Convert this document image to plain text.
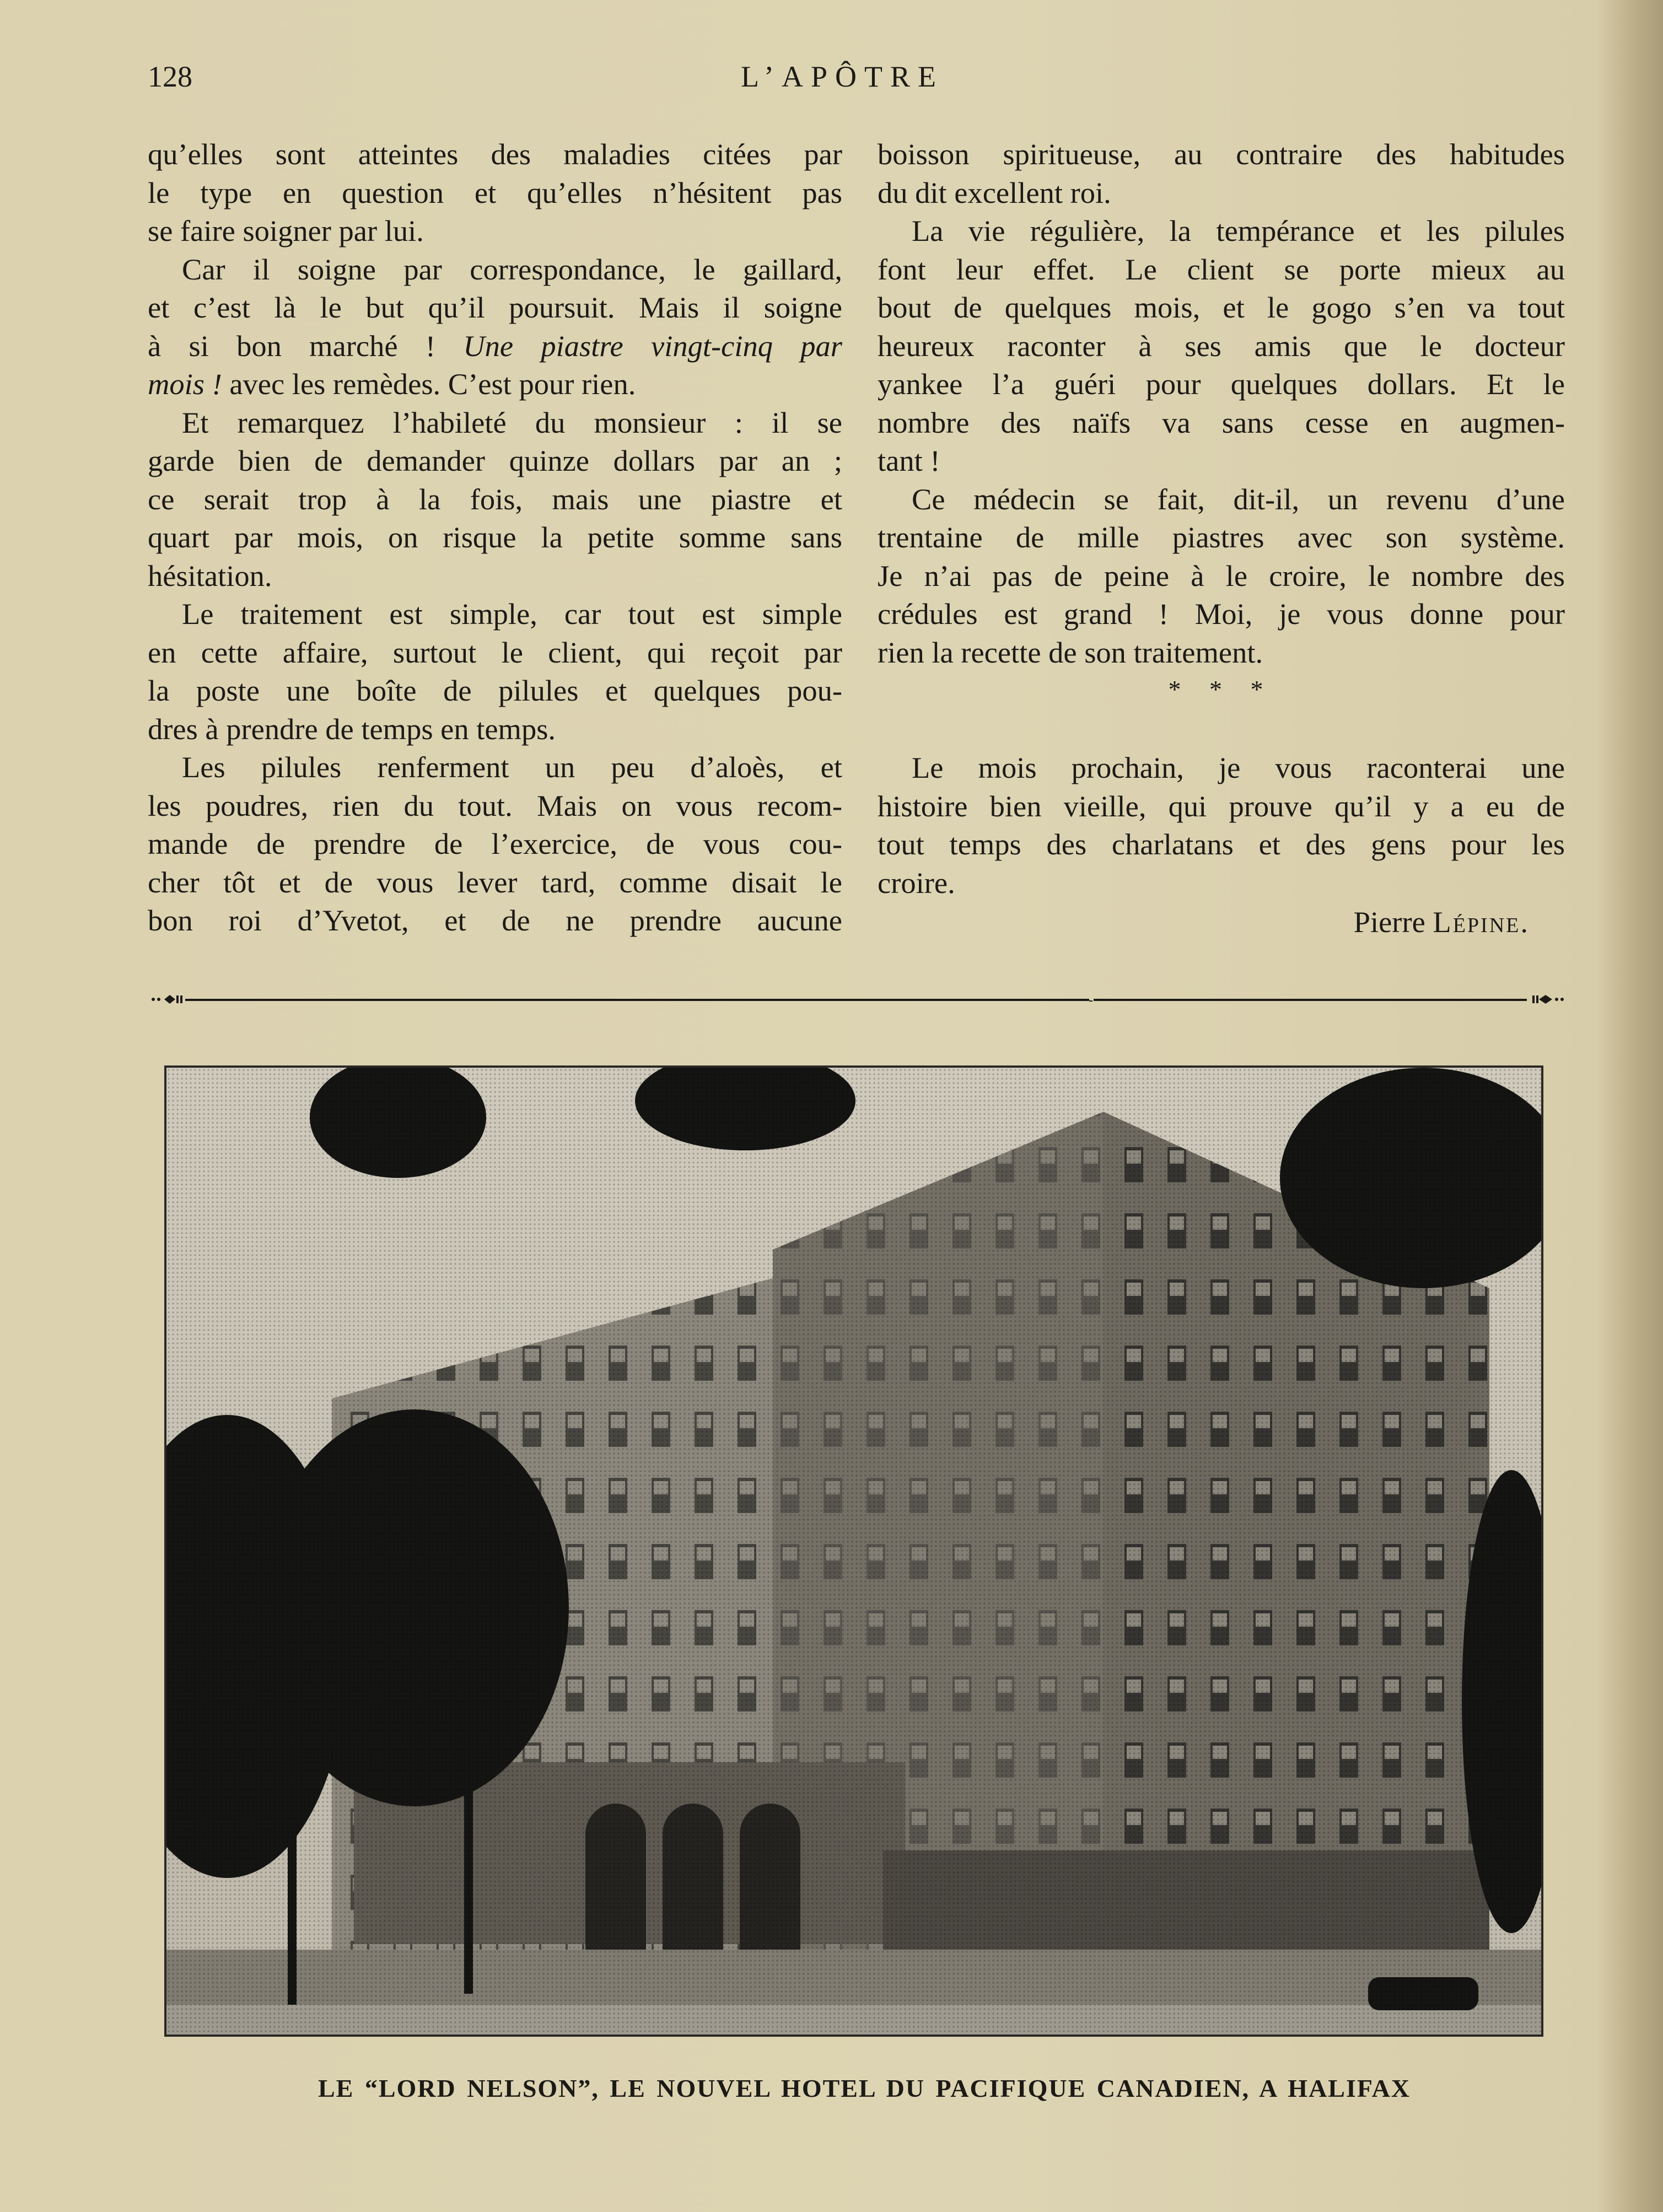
128	L’APÔTRE
qu’elles sont atteintes des maladies citées par
le type en question et qu’elles n’hésitent pas
se faire soigner par lui.
Car il soigne par correspondance, le gaillard,
et c’est là le but qu’il poursuit. Mais il soigne
à si bon marché ! Une piastre vingt-cinq par
mois ! avec les remèdes. C’est pour rien.
Et remarquez l’habileté du monsieur : il se
garde bien de demander quinze dollars par an ;
ce serait trop à la fois, mais une piastre et
quart par mois, on risque la petite somme sans
hésitation.
Le traitement est simple, car tout est simple
en cette affaire, surtout le client, qui reçoit par
la poste une boîte de pilules et quelques pou-
dres à prendre de temps en temps.
Les pilules renferment un peu d’aloès, et
les poudres, rien du tout. Mais on vous recom-
mande de prendre de l’exercice, de vous cou-
cher tôt et de vous lever tard, comme disait le
bon roi d’Yvetot, et de ne prendre aucune
boisson spiritueuse, au contraire des habitudes
du dit excellent roi.
La vie régulière, la tempérance et les pilules
font leur effet. Le client se porte mieux au
bout de quelques mois, et le gogo s’en va tout
heureux raconter à ses amis que le docteur
yankee l’a guéri pour quelques dollars. Et le
nombre des naïfs va sans cesse en augmen-
tant !
Ce médecin se fait, dit-il, un revenu d’une
trentaine de mille piastres avec son système.
Je n’ai pas de peine à le croire, le nombre des
crédules est grand ! Moi, je vous donne pour
rien la recette de son traitement.
* * *
Le mois prochain, je vous raconterai une
histoire bien vieille, qui prouve qu’il y a eu de
tout temps des charlatans et des gens pour les
croire.
Pierre Lépine.
LE “LORD NELSON”, LE NOUVEL HOTEL DU PACIFIQUE CANADIEN, A HALIFAX
